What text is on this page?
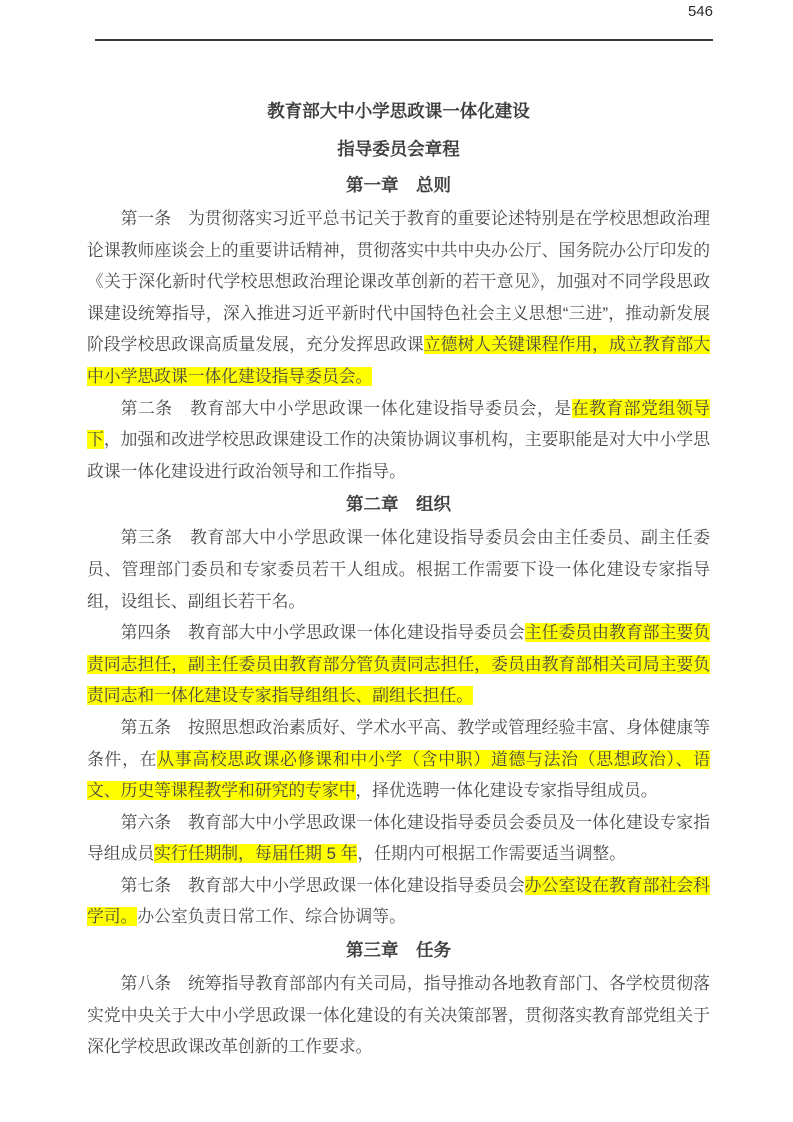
546
教育部大中小学思政课一体化建设
指导委员会章程
第一章　总则

第一条　为贯彻落实习近平总书记关于教育的重要论述特别是在学校思想政治理论课教师座谈会上的重要讲话精神，贯彻落实中共中央办公厅、国务院办公厅印发的《关于深化新时代学校思想政治理论课改革创新的若干意见》，加强对不同学段思政课建设统筹指导，深入推进习近平新时代中国特色社会主义思想“三进”，推动新发展阶段学校思政课高质量发展，充分发挥思政课立德树人关键课程作用，成立教育部大中小学思政课一体化建设指导委员会。

第二条　教育部大中小学思政课一体化建设指导委员会，是在教育部党组领导下，加强和改进学校思政课建设工作的决策协调议事机构，主要职能是对大中小学思政课一体化建设进行政治领导和工作指导。

第二章　组织

第三条　教育部大中小学思政课一体化建设指导委员会由主任委员、副主任委员、管理部门委员和专家委员若干人组成。根据工作需要下设一体化建设专家指导组，设组长、副组长若干名。

第四条　教育部大中小学思政课一体化建设指导委员会主任委员由教育部主要负责同志担任，副主任委员由教育部分管负责同志担任，委员由教育部相关司局主要负责同志和一体化建设专家指导组组长、副组长担任。

第五条　按照思想政治素质好、学术水平高、教学或管理经验丰富、身体健康等条件，在从事高校思政课必修课和中小学（含中职）道德与法治（思想政治）、语文、历史等课程教学和研究的专家中，择优选聘一体化建设专家指导组成员。

第六条　教育部大中小学思政课一体化建设指导委员会委员及一体化建设专家指导组成员实行任期制，每届任期 5 年，任期内可根据工作需要适当调整。

第七条　教育部大中小学思政课一体化建设指导委员会办公室设在教育部社会科学司。办公室负责日常工作、综合协调等。

第三章　任务

第八条　统筹指导教育部部内有关司局，指导推动各地教育部门、各学校贯彻落实党中央关于大中小学思政课一体化建设的有关决策部署，贯彻落实教育部党组关于深化学校思政课改革创新的工作要求。
